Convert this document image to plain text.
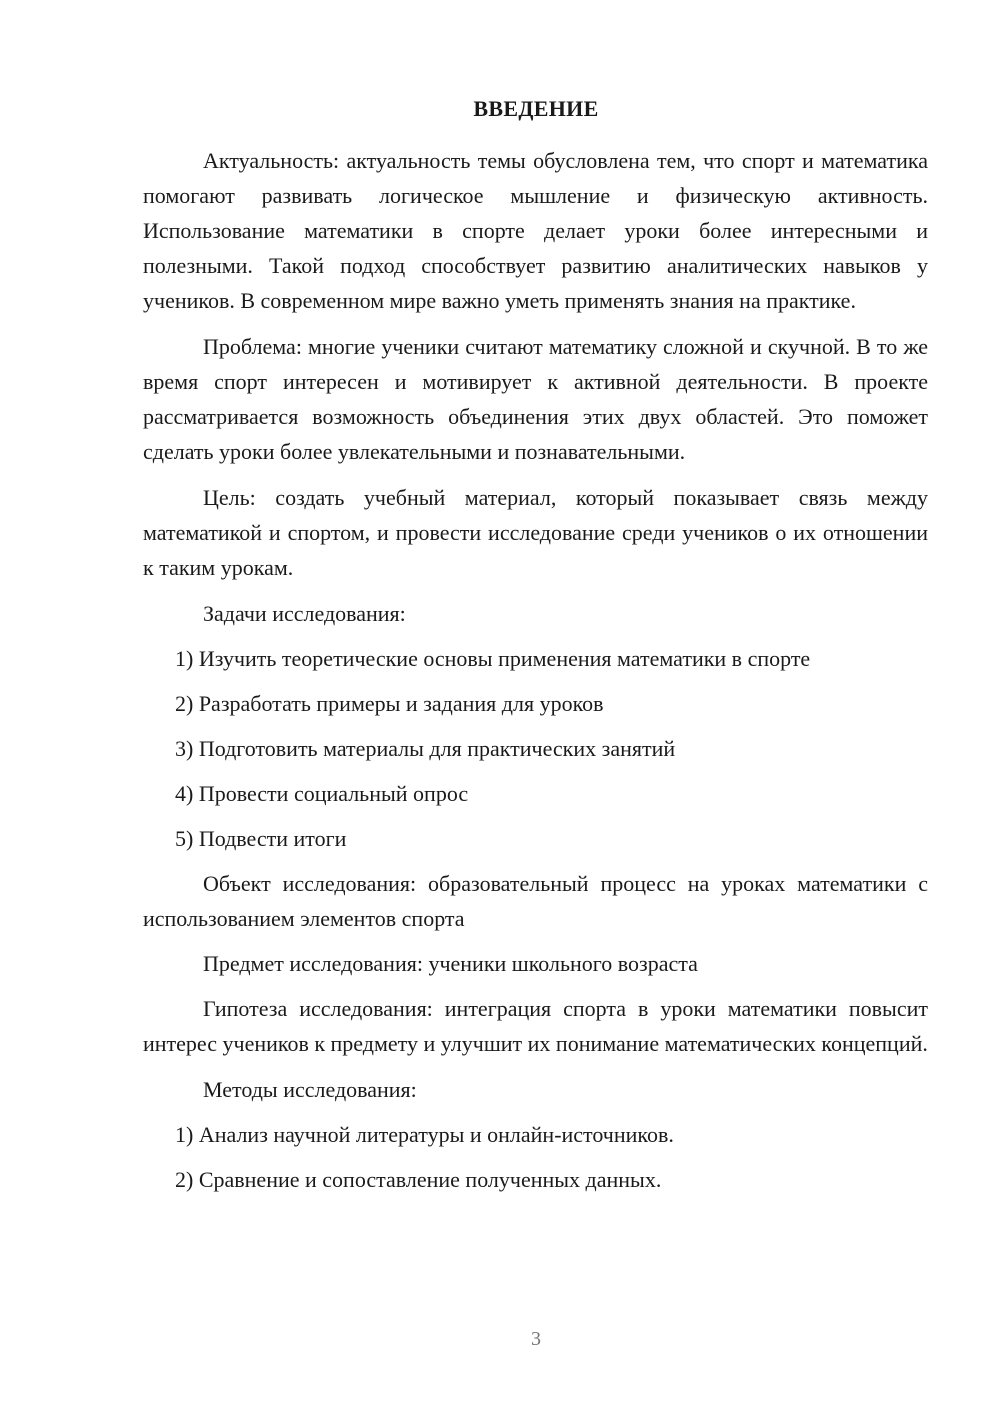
ВВЕДЕНИЕ

Актуальность: актуальность темы обусловлена тем, что спорт и математика помогают развивать логическое мышление и физическую активность. Использование математики в спорте делает уроки более интересными и полезными. Такой подход способствует развитию аналитических навыков у учеников. В современном мире важно уметь применять знания на практике.

Проблема: многие ученики считают математику сложной и скучной. В то же время спорт интересен и мотивирует к активной деятельности. В проекте рассматривается возможность объединения этих двух областей. Это поможет сделать уроки более увлекательными и познавательными.

Цель: создать учебный материал, который показывает связь между математикой и спортом, и провести исследование среди учеников о их отношении к таким урокам.

Задачи исследования:

1) Изучить теоретические основы применения математики в спорте

2) Разработать примеры и задания для уроков

3) Подготовить материалы для практических занятий

4) Провести социальный опрос

5) Подвести итоги

Объект исследования: образовательный процесс на уроках математики с использованием элементов спорта

Предмет исследования: ученики школьного возраста

Гипотеза исследования: интеграция спорта в уроки математики повысит интерес учеников к предмету и улучшит их понимание математических концепций.

Методы исследования:

1) Анализ научной литературы и онлайн-источников.

2) Сравнение и сопоставление полученных данных.

3
